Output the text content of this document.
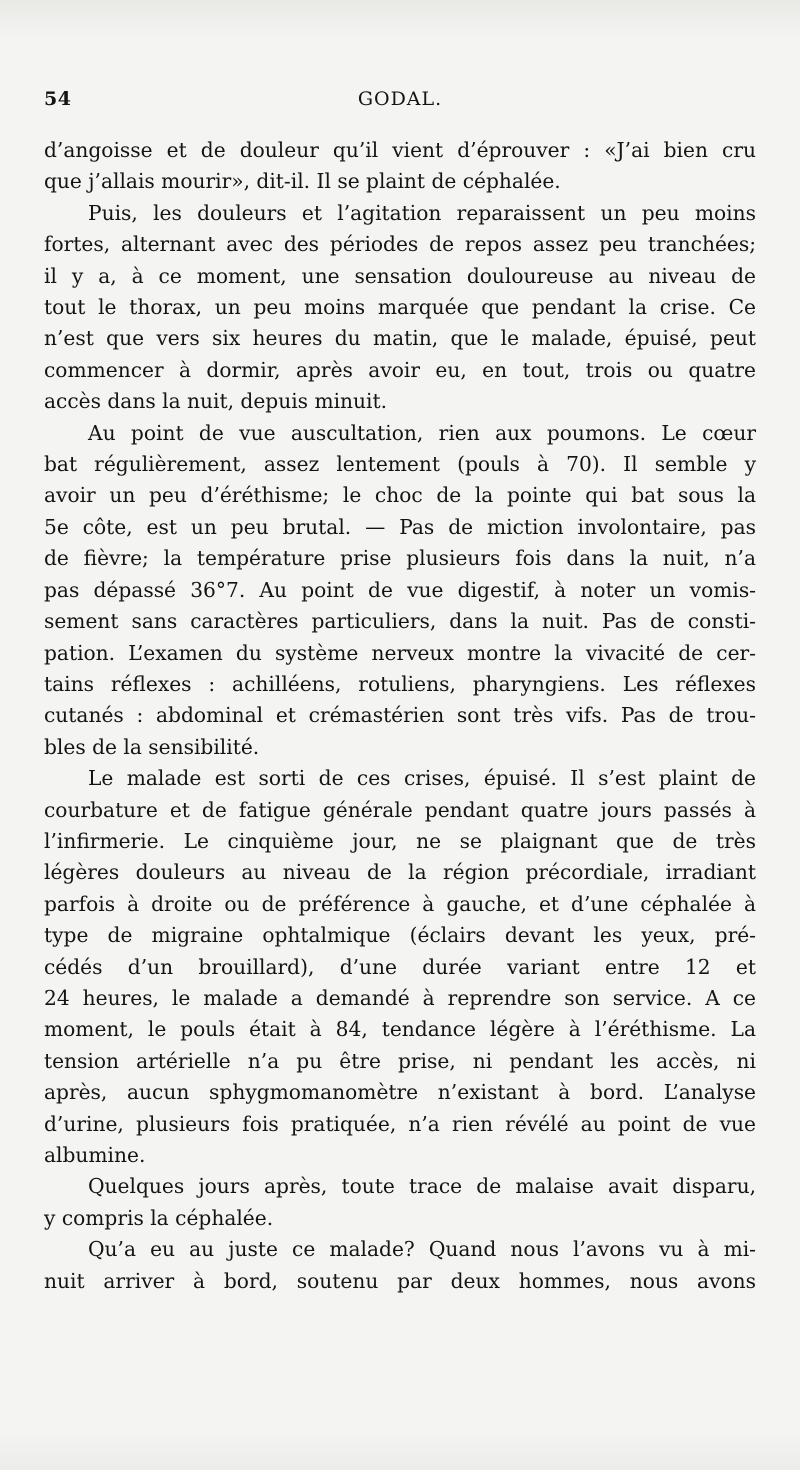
54	GODAL.
d’angoisse et de douleur qu’il vient d’éprouver : «J’ai bien cru
que j’allais mourir», dit-il. Il se plaint de céphalée.
Puis, les douleurs et l’agitation reparaissent un peu moins
fortes, alternant avec des périodes de repos assez peu tranchées;
il y a, à ce moment, une sensation douloureuse au niveau de
tout le thorax, un peu moins marquée que pendant la crise. Ce
n’est que vers six heures du matin, que le malade, épuisé, peut
commencer à dormir, après avoir eu, en tout, trois ou quatre
accès dans la nuit, depuis minuit.
Au point de vue auscultation, rien aux poumons. Le cœur
bat régulièrement, assez lentement (pouls à 70). Il semble y
avoir un peu d’éréthisme; le choc de la pointe qui bat sous la
5e côte, est un peu brutal. — Pas de miction involontaire, pas
de fièvre; la température prise plusieurs fois dans la nuit, n’a
pas dépassé 36°7. Au point de vue digestif, à noter un vomis-
sement sans caractères particuliers, dans la nuit. Pas de consti-
pation. L’examen du système nerveux montre la vivacité de cer-
tains réflexes : achilléens, rotuliens, pharyngiens. Les réflexes
cutanés : abdominal et crémastérien sont très vifs. Pas de trou-
bles de la sensibilité.
Le malade est sorti de ces crises, épuisé. Il s’est plaint de
courbature et de fatigue générale pendant quatre jours passés à
l’infirmerie. Le cinquième jour, ne se plaignant que de très
légères douleurs au niveau de la région précordiale, irradiant
parfois à droite ou de préférence à gauche, et d’une céphalée à
type de migraine ophtalmique (éclairs devant les yeux, pré-
cédés d’un brouillard), d’une durée variant entre 12 et
24 heures, le malade a demandé à reprendre son service. A ce
moment, le pouls était à 84, tendance légère à l’éréthisme. La
tension artérielle n’a pu être prise, ni pendant les accès, ni
après, aucun sphygmomanomètre n’existant à bord. L’analyse
d’urine, plusieurs fois pratiquée, n’a rien révélé au point de vue
albumine.
Quelques jours après, toute trace de malaise avait disparu,
y compris la céphalée.
Qu’a eu au juste ce malade? Quand nous l’avons vu à mi-
nuit arriver à bord, soutenu par deux hommes, nous avons
